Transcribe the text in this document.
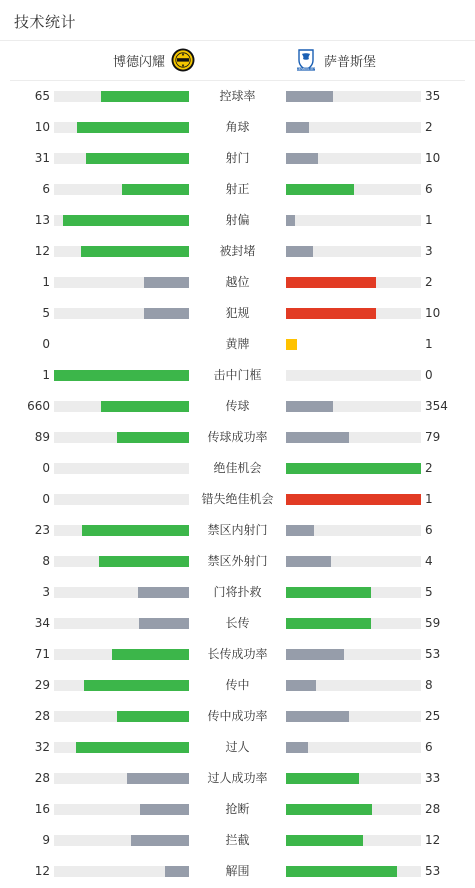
技术统计
博德闪耀	SARPSBORG 08 FF 萨普斯堡
65	控球率	35
10	角球	2
31	射门	10
6	射正	6
13	射偏	1
12	被封堵	3
1	越位	2
5	犯规	10
0	黄牌	1
1	击中门框	0
660	传球	354
89	传球成功率	79
0	绝佳机会	2
0	错失绝佳机会	1
23	禁区内射门	6
8	禁区外射门	4
3	门将扑救	5
34	长传	59
71	长传成功率	53
29	传中	8
28	传中成功率	25
32	过人	6
28	过人成功率	33
16	抢断	28
9	拦截	12
12	解围	53
